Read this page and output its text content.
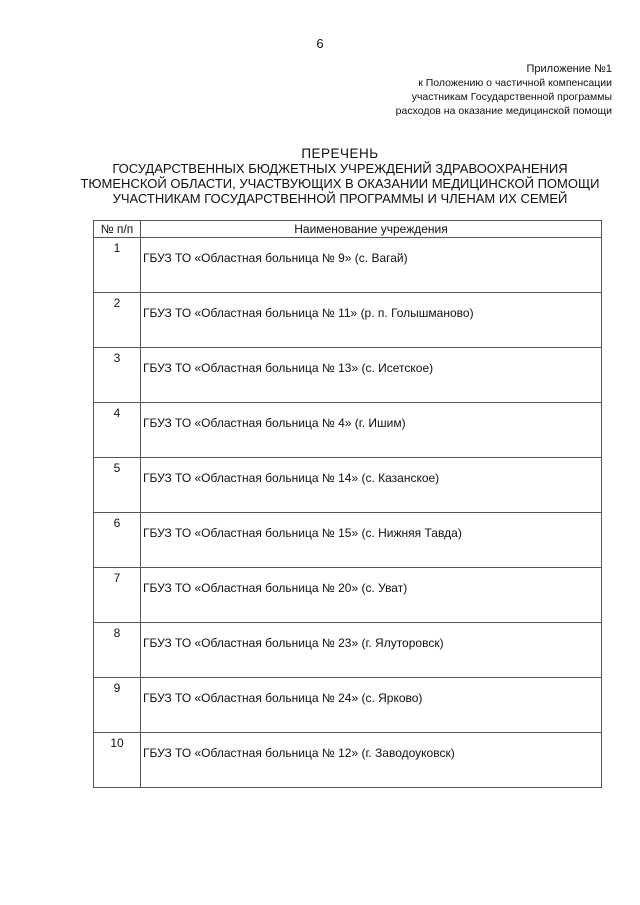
6
Приложение №1
к Положению о частичной компенсации
участникам Государственной программы
расходов на оказание медицинской помощи
ПЕРЕЧЕНЬ
ГОСУДАРСТВЕННЫХ БЮДЖЕТНЫХ УЧРЕЖДЕНИЙ ЗДРАВООХРАНЕНИЯ
ТЮМЕНСКОЙ ОБЛАСТИ, УЧАСТВУЮЩИХ В ОКАЗАНИИ МЕДИЦИНСКОЙ ПОМОЩИ
УЧАСТНИКАМ ГОСУДАРСТВЕННОЙ ПРОГРАММЫ И ЧЛЕНАМ ИХ СЕМЕЙ
№ п/п	Наименование учреждения
1	ГБУЗ ТО «Областная больница № 9» (с. Вагай)
2	ГБУЗ ТО «Областная больница № 11» (р. п. Голышманово)
3	ГБУЗ ТО «Областная больница № 13» (с. Исетское)
4	ГБУЗ ТО «Областная больница № 4» (г. Ишим)
5	ГБУЗ ТО «Областная больница № 14» (с. Казанское)
6	ГБУЗ ТО «Областная больница № 15» (с. Нижняя Тавда)
7	ГБУЗ ТО «Областная больница № 20» (с. Уват)
8	ГБУЗ ТО «Областная больница № 23» (г. Ялуторовск)
9	ГБУЗ ТО «Областная больница № 24» (с. Ярково)
10	ГБУЗ ТО «Областная больница № 12» (г. Заводоуковск)
